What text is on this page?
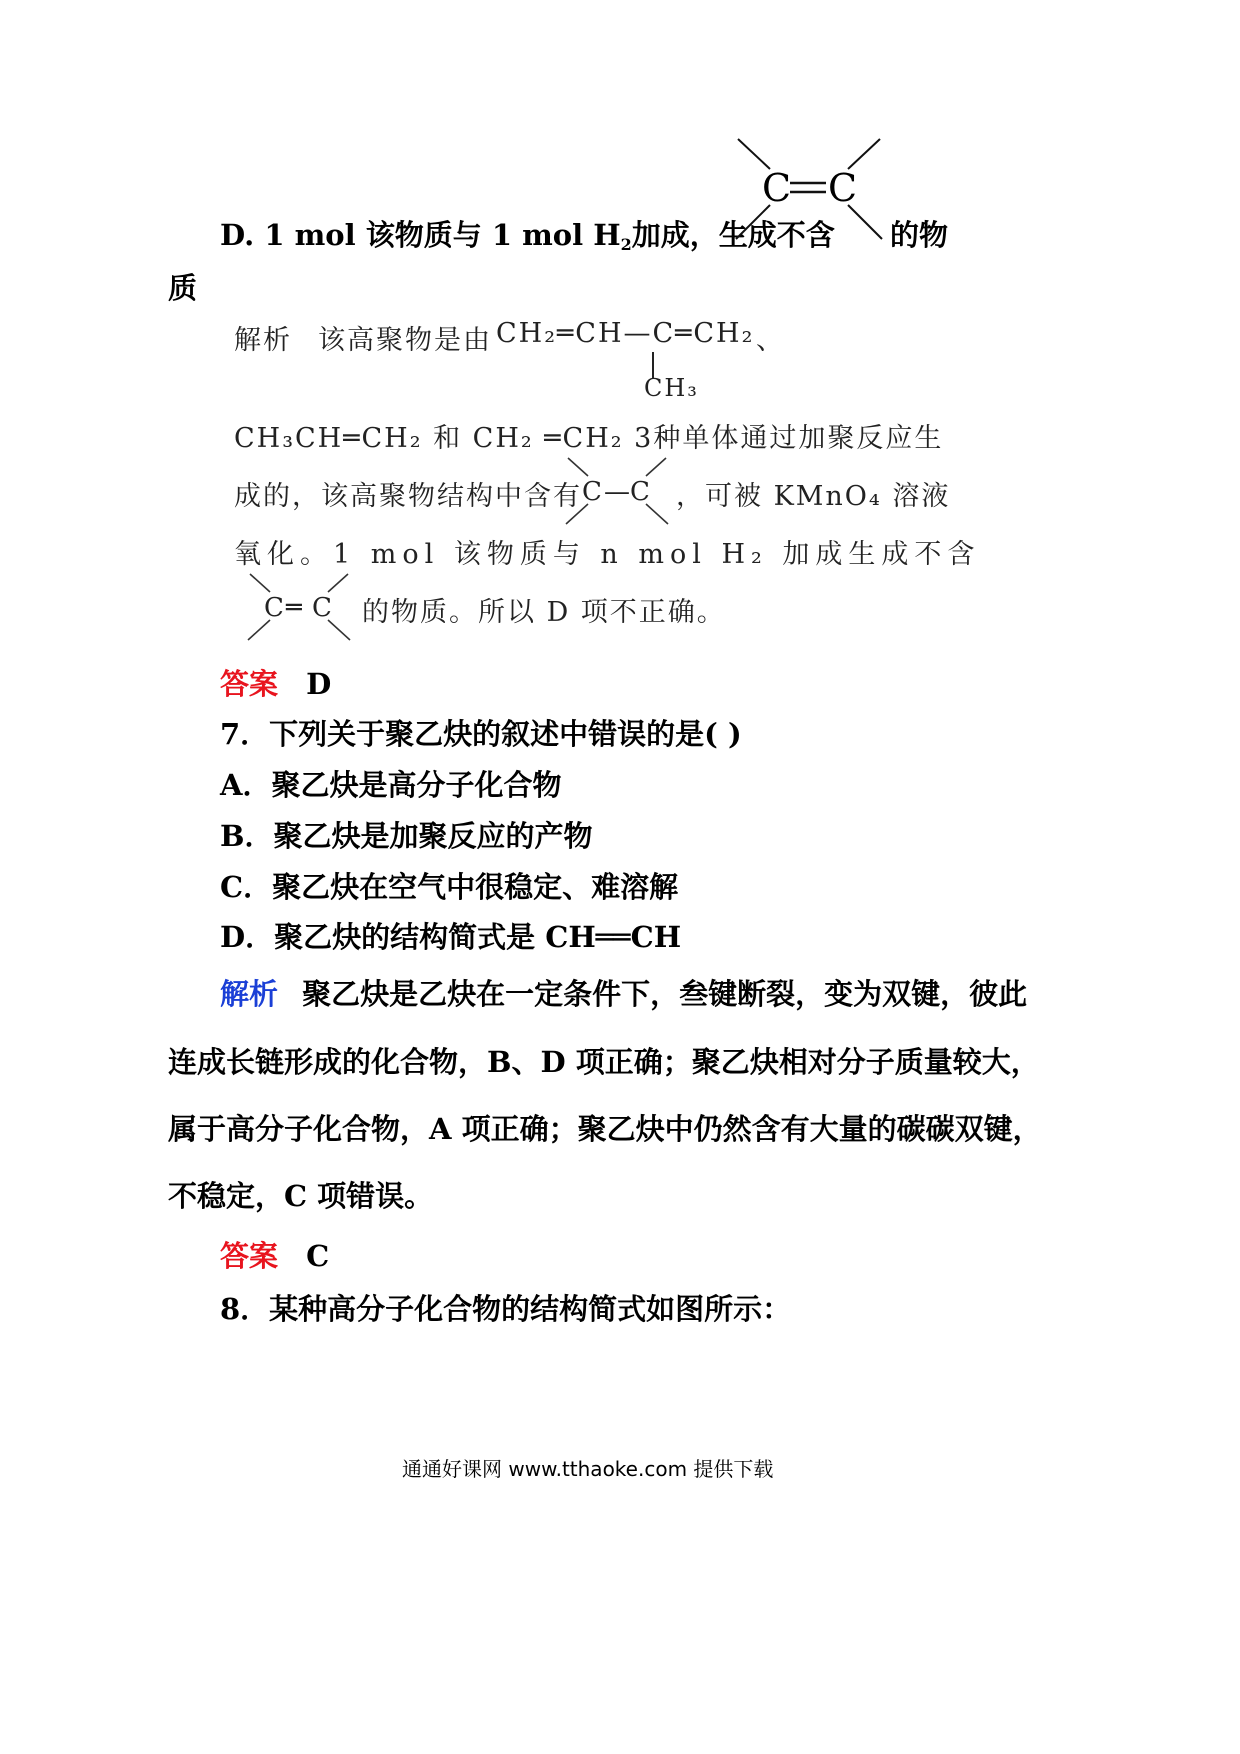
D. 1 mol 该物质与 1 mol $H_2$加成，生成不含
C C
的物
质
解析 该高聚物是由 CH₂═CH—C═CH₂
CH₃
、
CH₃CH═CH₂ 和 CH₂ ═CH₂ 3种单体通过加聚反应生
成的，该高聚物结构中含有 C — C ，可被 KMnO₄ 溶液
氧化。1 mol 该物质与 n mol H₂ 加成生成不含
C ═ C 的物质。所以 D 项不正确。
答案 D
7．下列关于聚乙炔的叙述中错误的是( )
A．聚乙炔是高分子化合物
B．聚乙炔是加聚反应的产物
C．聚乙炔在空气中很稳定、难溶解
D．聚乙炔的结构简式是 CH══CH
解析 聚乙炔是乙炔在一定条件下，叁键断裂，变为双键，彼此
连成长链形成的化合物，B、D 项正确；聚乙炔相对分子质量较大，
属于高分子化合物，A 项正确；聚乙炔中仍然含有大量的碳碳双键，
不稳定，C 项错误。
答案 C
8．某种高分子化合物的结构简式如图所示：
通通好课网 www.tthaoke.com 提供下载
